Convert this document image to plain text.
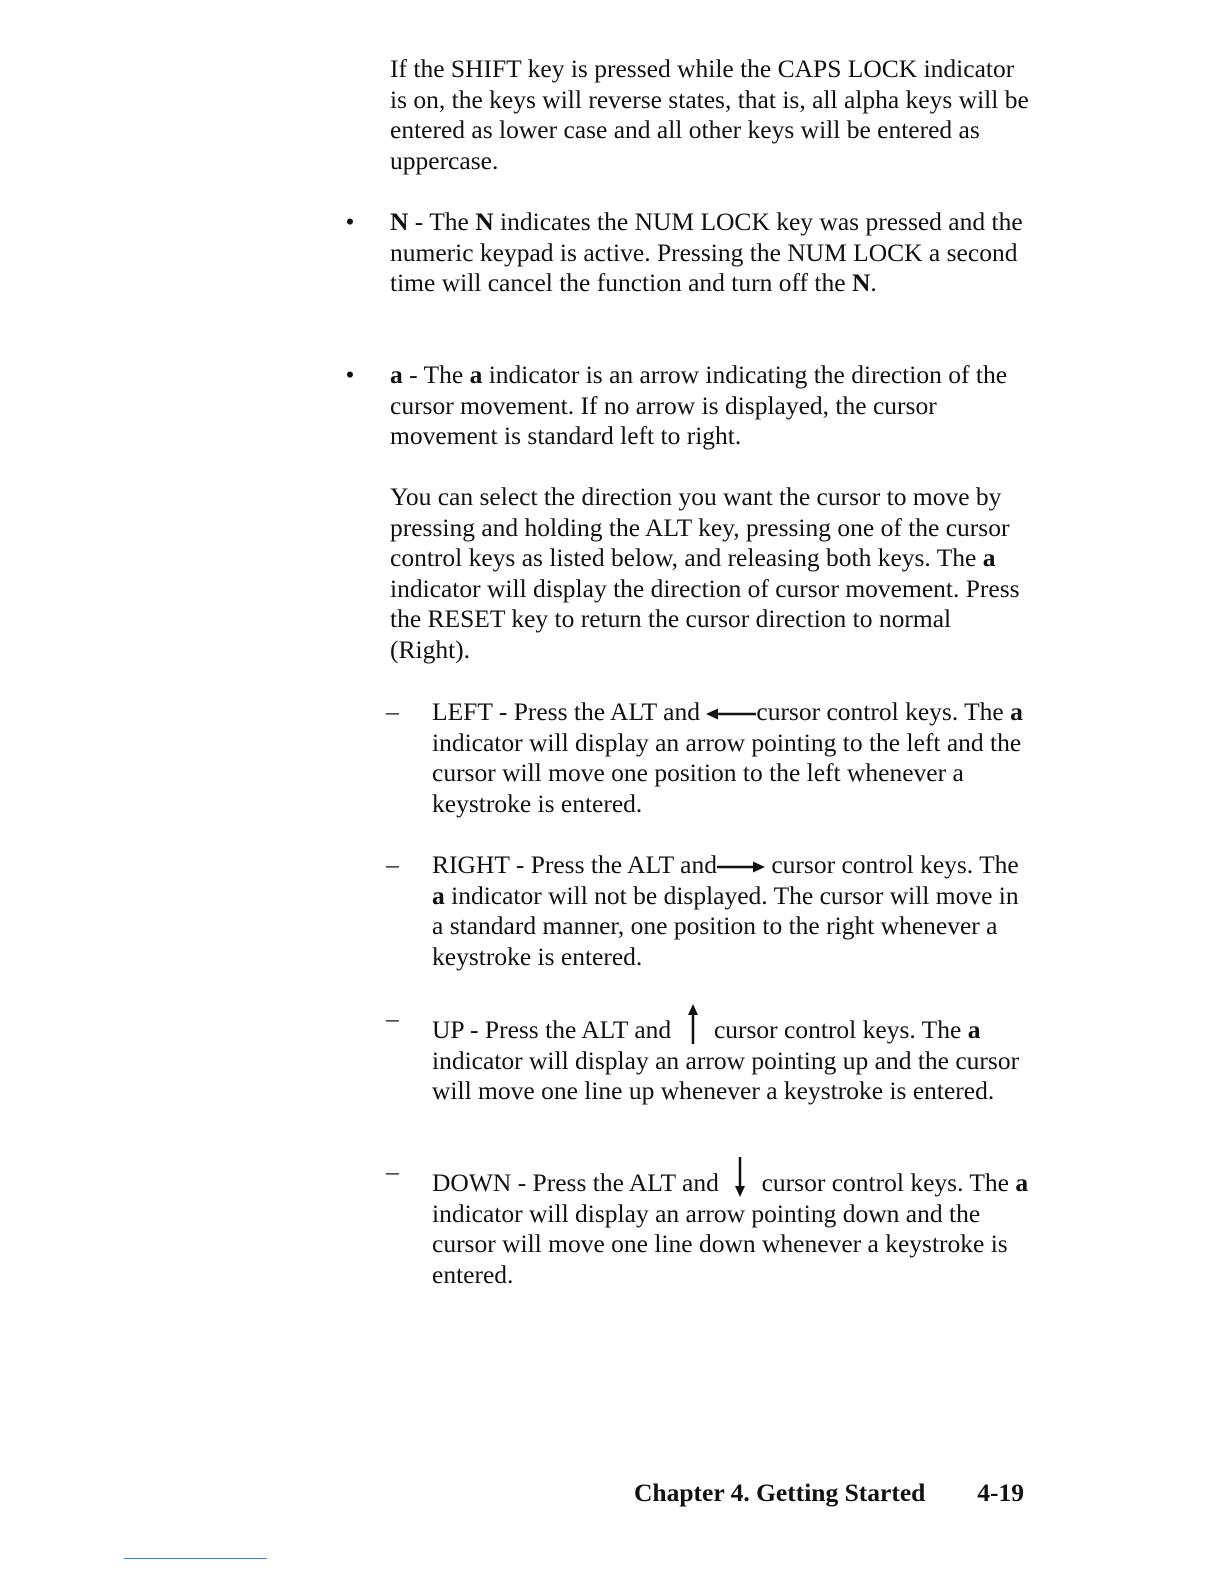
If the SHIFT key is pressed while the CAPS LOCK indicator is on, the keys will reverse states, that is, all alpha keys will be entered as lower case and all other keys will be entered as uppercase.

• N - The N indicates the NUM LOCK key was pressed and the numeric keypad is active. Pressing the NUM LOCK a second time will cancel the function and turn off the N.
• a - The a indicator is an arrow indicating the direction of the cursor movement. If no arrow is displayed, the cursor movement is standard left to right.

You can select the direction you want the cursor to move by pressing and holding the ALT key, pressing one of the cursor control keys as listed below, and releasing both keys. The a indicator will display the direction of cursor movement. Press the RESET key to return the cursor direction to normal (Right).

– LEFT - Press the ALT and cursor control keys. The a indicator will display an arrow pointing to the left and the cursor will move one position to the left whenever a keystroke is entered.
– RIGHT - Press the ALT and cursor control keys. The a indicator will not be displayed. The cursor will move in a standard manner, one position to the right whenever a keystroke is entered.
– UP - Press the ALT and  cursor control keys. The a indicator will display an arrow pointing up and the cursor will move one line up whenever a keystroke is entered.
– DOWN - Press the ALT and  cursor control keys. The a indicator will display an arrow pointing down and the cursor will move one line down whenever a keystroke is entered.
Chapter 4. Getting Started 4-19
